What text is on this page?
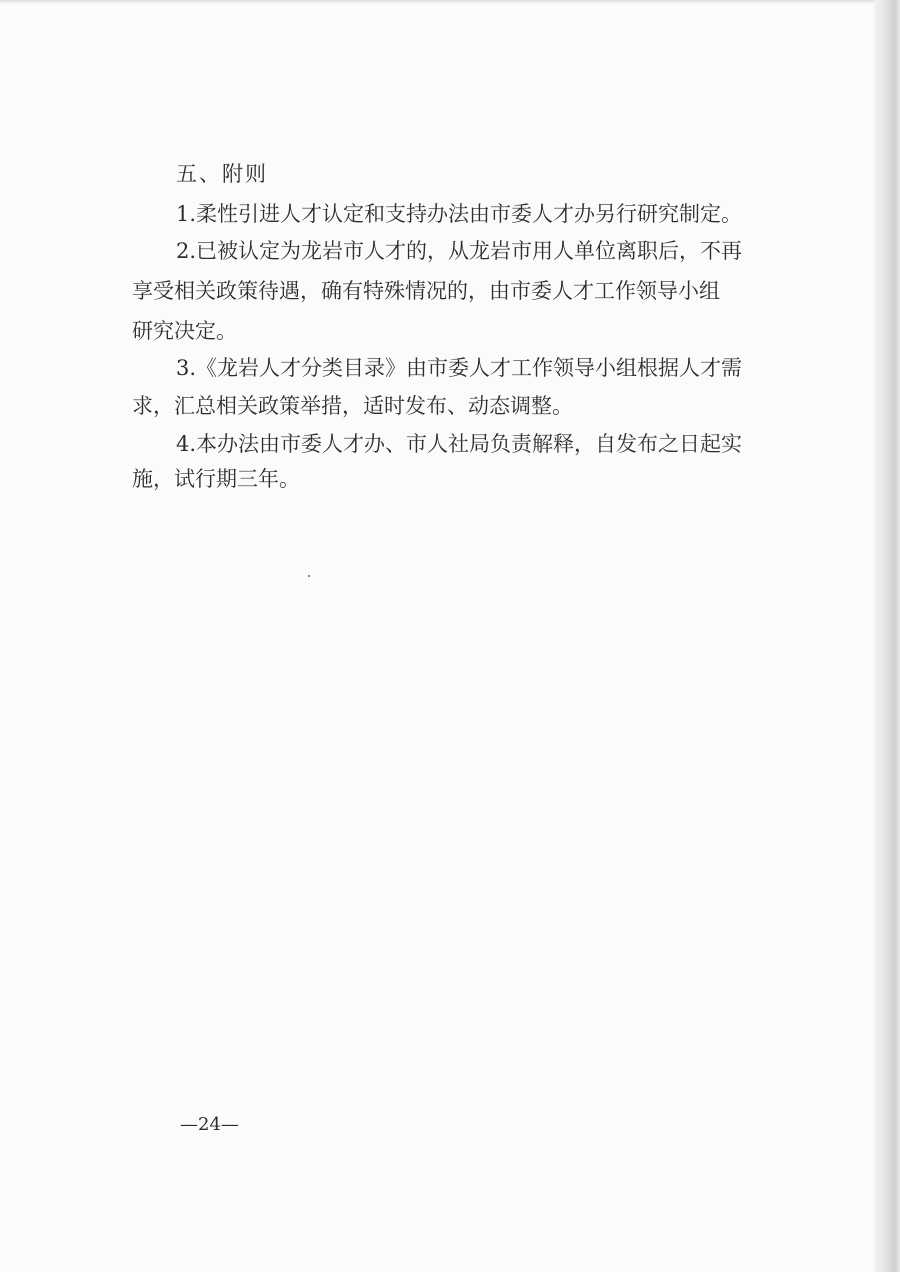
五、附则
1.柔性引进人才认定和支持办法由市委人才办另行研究制定。
2.已被认定为龙岩市人才的，从龙岩市用人单位离职后，不再
享受相关政策待遇，确有特殊情况的，由市委人才工作领导小组
研究决定。
3.《龙岩人才分类目录》由市委人才工作领导小组根据人才需
求，汇总相关政策举措，适时发布、动态调整。
4.本办法由市委人才办、市人社局负责解释，自发布之日起实
施，试行期三年。
—24—
